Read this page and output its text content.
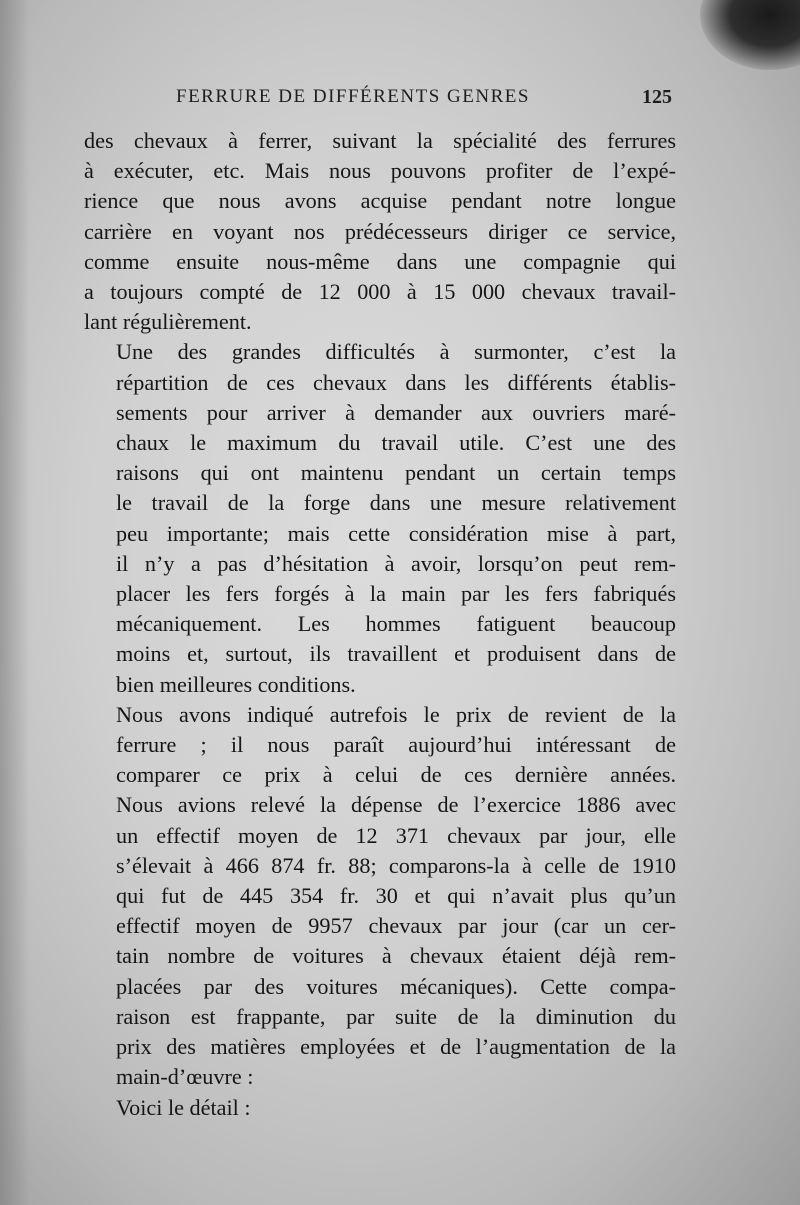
FERRURE DE DIFFÉRENTS GENRES	125

des chevaux à ferrer, suivant la spécialité des ferrures
à exécuter, etc. Mais nous pouvons profiter de l’expé-
rience que nous avons acquise pendant notre longue
carrière en voyant nos prédécesseurs diriger ce service,
comme ensuite nous-même dans une compagnie qui
a toujours compté de 12 000 à 15 000 chevaux travail-
lant régulièrement.

Une des grandes difficultés à surmonter, c’est la
répartition de ces chevaux dans les différents établis-
sements pour arriver à demander aux ouvriers maré-
chaux le maximum du travail utile. C’est une des
raisons qui ont maintenu pendant un certain temps
le travail de la forge dans une mesure relativement
peu importante; mais cette considération mise à part,
il n’y a pas d’hésitation à avoir, lorsqu’on peut rem-
placer les fers forgés à la main par les fers fabriqués
mécaniquement. Les hommes fatiguent beaucoup
moins et, surtout, ils travaillent et produisent dans de
bien meilleures conditions.

Nous avons indiqué autrefois le prix de revient de la
ferrure ; il nous paraît aujourd’hui intéressant de
comparer ce prix à celui de ces dernière années.
Nous avions relevé la dépense de l’exercice 1886 avec
un effectif moyen de 12 371 chevaux par jour, elle
s’élevait à 466 874 fr. 88; comparons-la à celle de 1910
qui fut de 445 354 fr. 30 et qui n’avait plus qu’un
effectif moyen de 9957 chevaux par jour (car un cer-
tain nombre de voitures à chevaux étaient déjà rem-
placées par des voitures mécaniques). Cette compa-
raison est frappante, par suite de la diminution du
prix des matières employées et de l’augmentation de la
main-d’œuvre :

Voici le détail :
